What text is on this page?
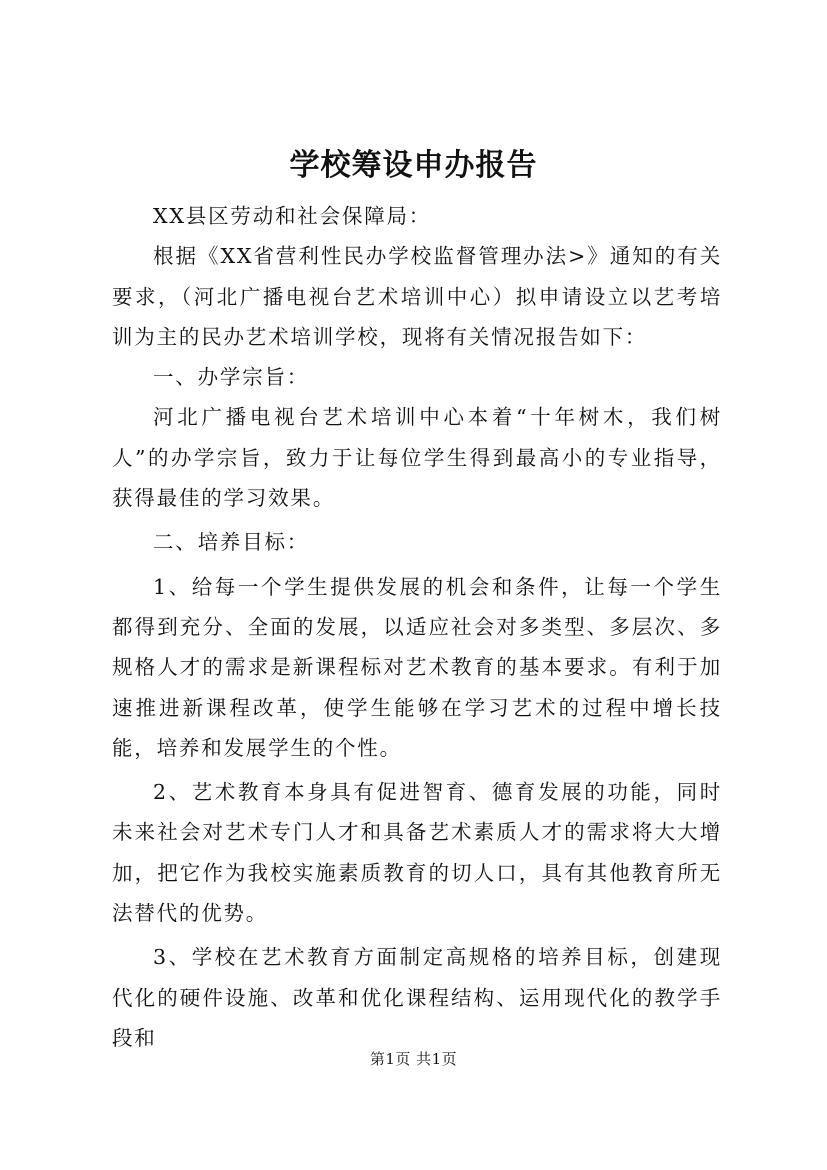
学校筹设申办报告

XX县区劳动和社会保障局：

根据《XX省营利性民办学校监督管理办法>》通知的有关要求，（河北广播电视台艺术培训中心）拟申请设立以艺考培训为主的民办艺术培训学校，现将有关情况报告如下：

一、办学宗旨：

河北广播电视台艺术培训中心本着“十年树木，我们树人”的办学宗旨，致力于让每位学生得到最高小的专业指导，获得最佳的学习效果。

二、培养目标：

1、给每一个学生提供发展的机会和条件，让每一个学生都得到充分、全面的发展，以适应社会对多类型、多层次、多规格人才的需求是新课程标对艺术教育的基本要求。有利于加速推进新课程改革，使学生能够在学习艺术的过程中增长技能，培养和发展学生的个性。

2、艺术教育本身具有促进智育、德育发展的功能，同时未来社会对艺术专门人才和具备艺术素质人才的需求将大大增加，把它作为我校实施素质教育的切人口，具有其他教育所无法替代的优势。

3、学校在艺术教育方面制定高规格的培养目标，创建现代化的硬件设施、改革和优化课程结构、运用现代化的教学手段和

第1页 共1页
